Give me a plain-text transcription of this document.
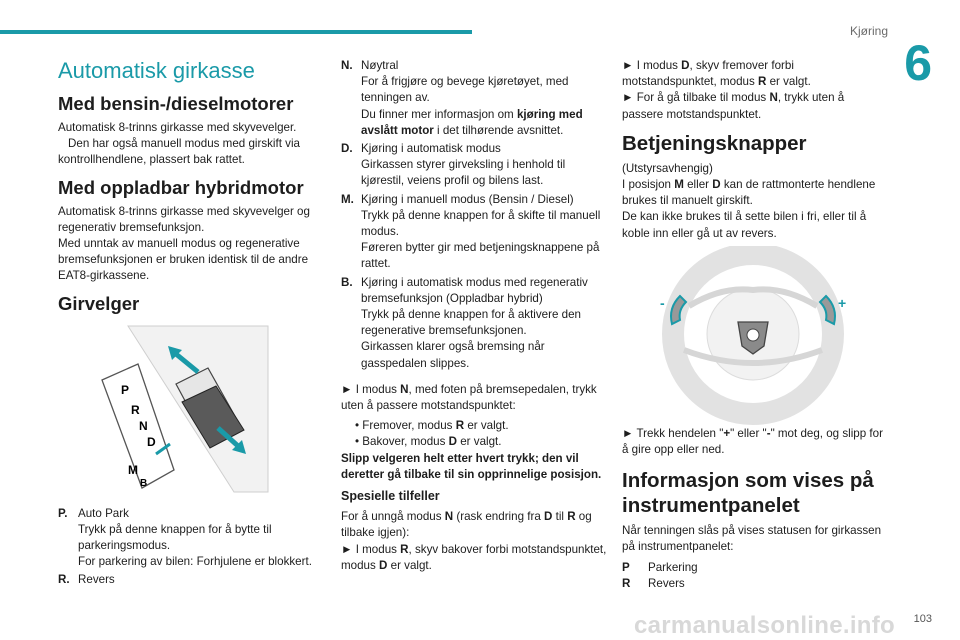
Kjøring
6
Automatisk girkasse
Med bensin-/dieselmotorer

Automatisk 8-trinns girkasse med skyvevelger.
Den har også manuell modus med girskift via kontrollhendlene, plassert bak rattet.

Med oppladbar hybridmotor

Automatisk 8-trinns girkasse med skyvevelger og regenerativ bremsefunksjon.
Med unntak av manuell modus og regenerative bremsefunksjonen er bruken identisk til de andre EAT8-girkassene.

Girvelger
P
R
N
D
M
B
P. Auto Park
Trykk på denne knappen for å bytte til parkeringsmodus.
For parkering av bilen: Forhjulene er blokkert.
R. Revers
N. Nøytral
For å frigjøre og bevege kjøretøyet, med tenningen av.
Du finner mer informasjon om kjøring med avslått motor i det tilhørende avsnittet.
D. Kjøring i automatisk modus
Girkassen styrer girveksling i henhold til kjørestil, veiens profil og bilens last.
M. Kjøring i manuell modus (Bensin / Diesel)
Trykk på denne knappen for å skifte til manuell modus.
Føreren bytter gir med betjeningsknappene på rattet.
B. Kjøring i automatisk modus med regenerativ bremsefunksjon (Oppladbar hybrid)
Trykk på denne knappen for å aktivere den regenerative bremsefunksjonen.
Girkassen klarer også bremsing når gasspedalen slippes.

► I modus N, med foten på bremsepedalen, trykk uten å passere motstandspunktet:

• Fremover, modus R er valgt.
• Bakover, modus D er valgt.

Slipp velgeren helt etter hvert trykk; den vil deretter gå tilbake til sin opprinnelige posisjon.

Spesielle tilfeller

For å unngå modus N (rask endring fra D til R og tilbake igjen):
► I modus R, skyv bakover forbi motstandspunktet, modus D er valgt.

► I modus D, skyv fremover forbi motstandspunktet, modus R er valgt.
► For å gå tilbake til modus N, trykk uten å passere motstandspunktet.

Betjeningsknapper

(Utstyrsavhengig)
I posisjon M eller D kan de rattmonterte hendlene brukes til manuelt girskift.
De kan ikke brukes til å sette bilen i fri, eller til å koble inn eller gå ut av revers.

-	+

► Trekk hendelen "+" eller "-" mot deg, og slipp for å gire opp eller ned.

Informasjon som vises på instrumentpanelet

Når tenningen slås på vises statusen for girkassen på instrumentpanelet:

P	Parkering
R	Revers
carmanualsonline.info 103
